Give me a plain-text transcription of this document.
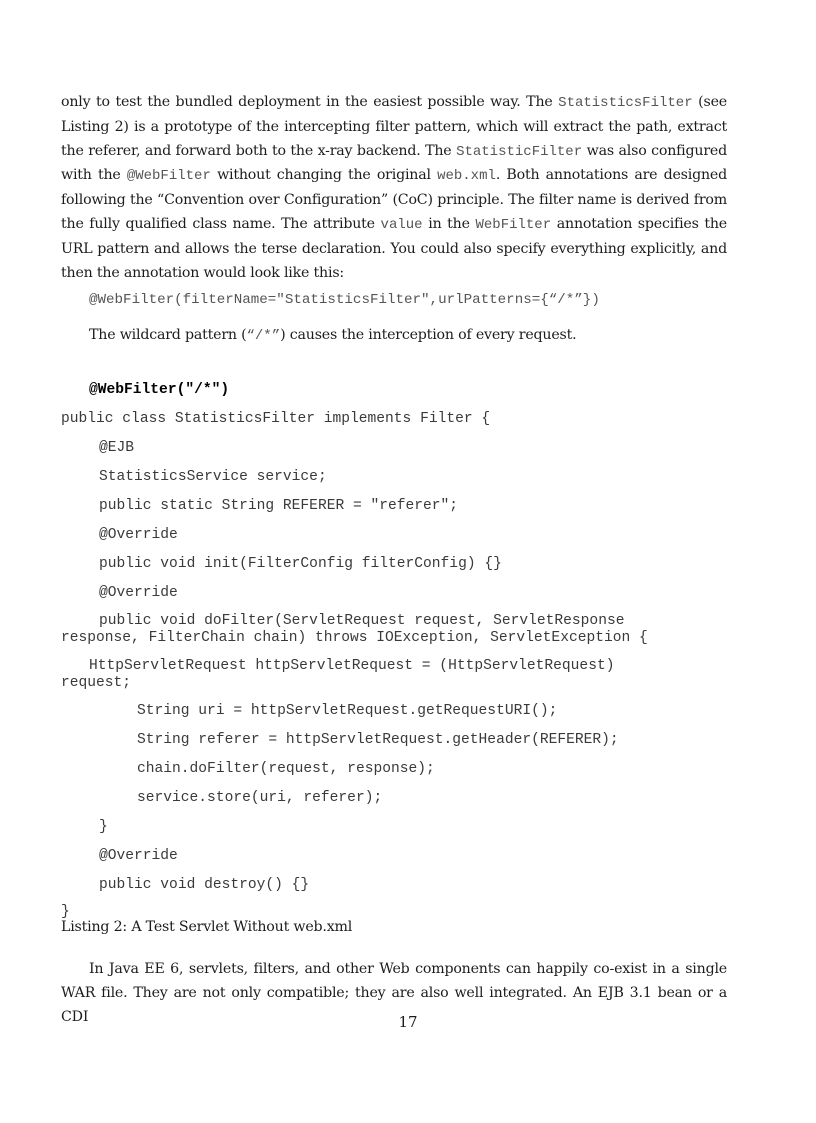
only to test the bundled deployment in the easiest possible way. The StatisticsFilter (see Listing 2) is a prototype of the intercepting filter pattern, which will extract the path, extract the referer, and forward both to the x-ray backend. The StatisticFilter was also configured with the @WebFilter without changing the original web.xml. Both annotations are designed following the “Convention over Configuration” (CoC) principle. The filter name is derived from the fully qualified class name. The attribute value in the WebFilter annotation specifies the URL pattern and allows the terse declaration. You could also specify everything explicitly, and then the annotation would look like this:
@WebFilter(filterName="StatisticsFilter",urlPatterns={“/*”})
The wildcard pattern (“/*”) causes the interception of every request.
@WebFilter("/*")
public class StatisticsFilter implements Filter {
@EJB
StatisticsService service;
public static String REFERER = "referer";
@Override
public void init(FilterConfig filterConfig) {}
@Override
public void doFilter(ServletRequest request, ServletResponse
response, FilterChain chain) throws IOException, ServletException {
HttpServletRequest httpServletRequest = (HttpServletRequest)
request;
String uri = httpServletRequest.getRequestURI();
String referer = httpServletRequest.getHeader(REFERER);
chain.doFilter(request, response);
service.store(uri, referer);
}
@Override
public void destroy() {}
}
Listing 2: A Test Servlet Without web.xml
In Java EE 6, servlets, filters, and other Web components can happily co-exist in a single WAR file. They are not only compatible; they are also well integrated. An EJB 3.1 bean or a CDI	17
